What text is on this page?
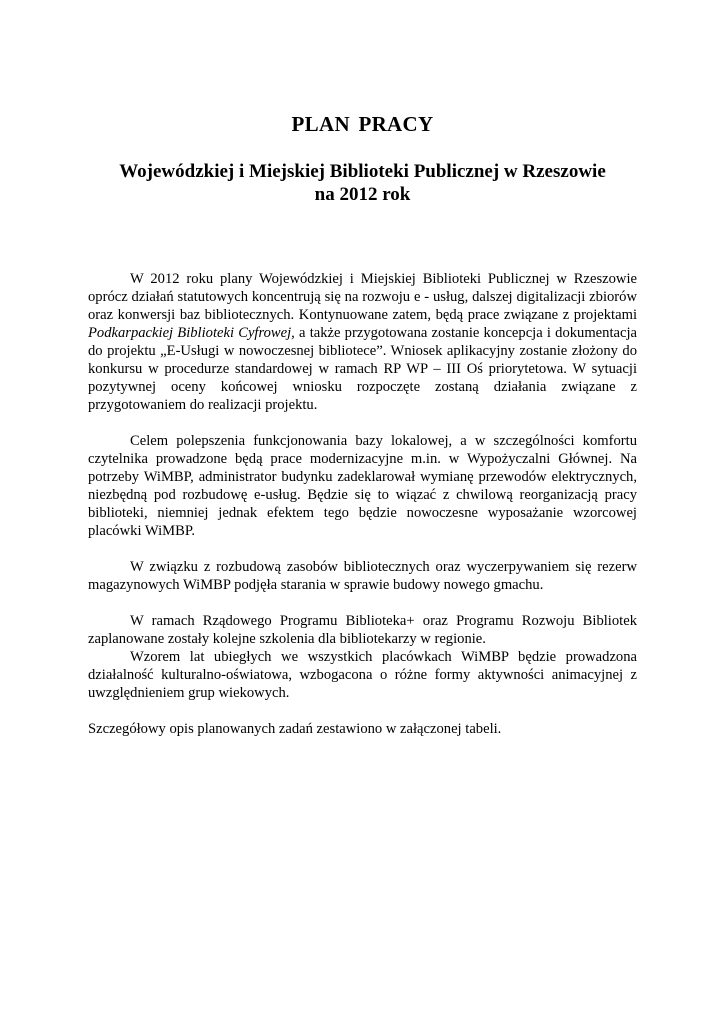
PLAN PRACY
Wojewódzkiej i Miejskiej Biblioteki Publicznej w Rzeszowie
na 2012 rok

W 2012 roku plany Wojewódzkiej i Miejskiej Biblioteki Publicznej w Rzeszowie oprócz działań statutowych koncentrują się na rozwoju e - usług, dalszej digitalizacji zbiorów oraz konwersji baz bibliotecznych. Kontynuowane zatem, będą prace związane z projektami Podkarpackiej Biblioteki Cyfrowej, a także przygotowana zostanie koncepcja i dokumentacja do projektu „E-Usługi w nowoczesnej bibliotece”. Wniosek aplikacyjny zostanie złożony do konkursu w procedurze standardowej w ramach RP WP – III Oś priorytetowa. W sytuacji pozytywnej oceny końcowej wniosku rozpoczęte zostaną działania związane z przygotowaniem do realizacji projektu.

Celem polepszenia funkcjonowania bazy lokalowej, a w szczególności komfortu czytelnika prowadzone będą prace modernizacyjne m.in. w Wypożyczalni Głównej. Na potrzeby WiMBP, administrator budynku zadeklarował wymianę przewodów elektrycznych, niezbędną pod rozbudowę e-usług. Będzie się to wiązać z chwilową reorganizacją pracy biblioteki, niemniej jednak efektem tego będzie nowoczesne wyposażanie wzorcowej placówki WiMBP.

W związku z rozbudową zasobów bibliotecznych oraz wyczerpywaniem się rezerw magazynowych WiMBP podjęła starania w sprawie budowy nowego gmachu.

W ramach Rządowego Programu Biblioteka+ oraz Programu Rozwoju Bibliotek zaplanowane zostały kolejne szkolenia dla bibliotekarzy w regionie.

Wzorem lat ubiegłych we wszystkich placówkach WiMBP będzie prowadzona działalność kulturalno-oświatowa, wzbogacona o różne formy aktywności animacyjnej z uwzględnieniem grup wiekowych.

Szczegółowy opis planowanych zadań zestawiono w załączonej tabeli.
